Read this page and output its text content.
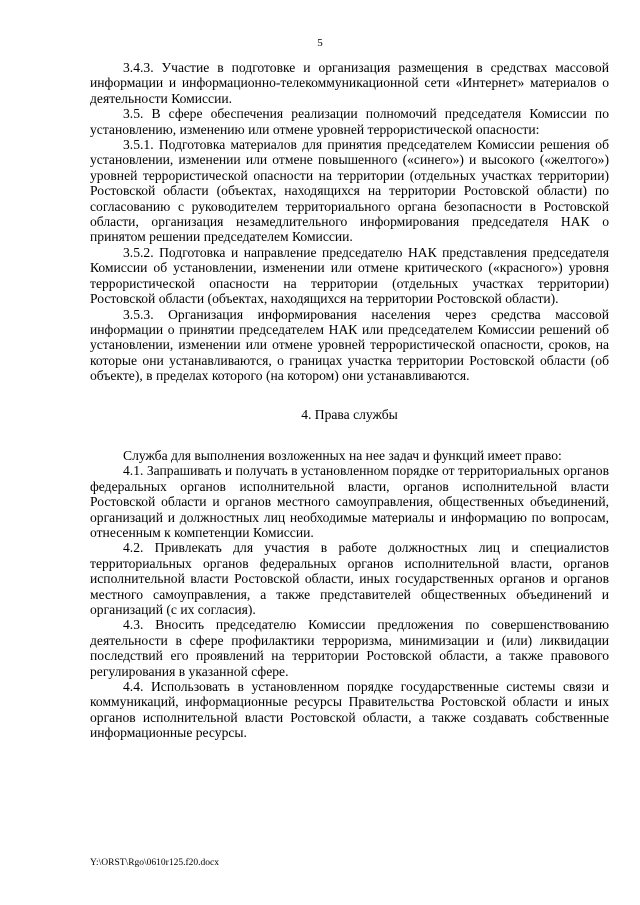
5

3.4.3. Участие в подготовке и организация размещения в средствах массовой информации и информационно-телекоммуникационной сети «Интернет» материалов о деятельности Комиссии.

3.5. В сфере обеспечения реализации полномочий председателя Комиссии по установлению, изменению или отмене уровней террористической опасности:

3.5.1. Подготовка материалов для принятия председателем Комиссии решения об установлении, изменении или отмене повышенного («синего») и высокого («желтого») уровней террористической опасности на территории (отдельных участках территории) Ростовской области (объектах, находящихся на территории Ростовской области) по согласованию с руководителем территориального органа безопасности в Ростовской области, организация незамедлительного информирования председателя НАК о принятом решении председателем Комиссии.

3.5.2. Подготовка и направление председателю НАК представления председателя Комиссии об установлении, изменении или отмене критического («красного») уровня террористической опасности на территории (отдельных участках территории) Ростовской области (объектах, находящихся на территории Ростовской области).

3.5.3. Организация информирования населения через средства массовой информации о принятии председателем НАК или председателем Комиссии решений об установлении, изменении или отмене уровней террористической опасности, сроков, на которые они устанавливаются, о границах участка территории Ростовской области (об объекте), в пределах которого (на котором) они устанавливаются.

4. Права службы

Служба для выполнения возложенных на нее задач и функций имеет право:

4.1. Запрашивать и получать в установленном порядке от территориальных органов федеральных органов исполнительной власти, органов исполнительной власти Ростовской области и органов местного самоуправления, общественных объединений, организаций и должностных лиц необходимые материалы и информацию по вопросам, отнесенным к компетенции Комиссии.

4.2. Привлекать для участия в работе должностных лиц и специалистов территориальных органов федеральных органов исполнительной власти, органов исполнительной власти Ростовской области, иных государственных органов и органов местного самоуправления, а также представителей общественных объединений и организаций (с их согласия).

4.3. Вносить председателю Комиссии предложения по совершенствованию деятельности в сфере профилактики терроризма, минимизации и (или) ликвидации последствий его проявлений на территории Ростовской области, а также правового регулирования в указанной сфере.

4.4. Использовать в установленном порядке государственные системы связи и коммуникаций, информационные ресурсы Правительства Ростовской области и иных органов исполнительной власти Ростовской области, а также создавать собственные информационные ресурсы.

Y:\ORST\Rgo\0610r125.f20.docx
